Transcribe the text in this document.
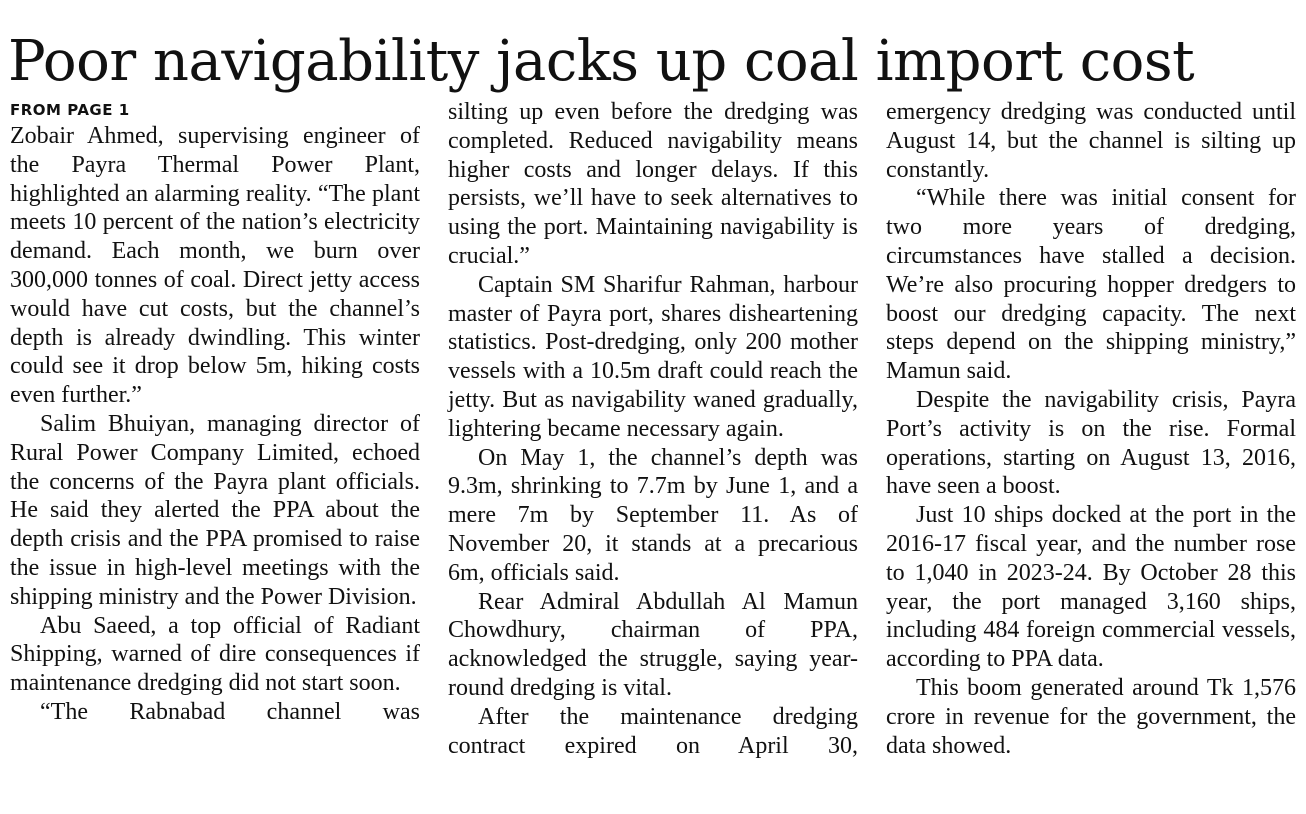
Poor navigability jacks up coal import cost
FROM PAGE 1

Zobair Ahmed, supervising engineer of the Payra Thermal Power Plant, highlighted an alarming reality. “The plant meets 10 percent of the nation’s electricity demand. Each month, we burn over 300,000 tonnes of coal. Direct jetty access would have cut costs, but the channel’s depth is already dwindling. This winter could see it drop below 5m, hiking costs even further.”

Salim Bhuiyan, managing director of Rural Power Company Limited, echoed the concerns of the Payra plant officials. He said they alerted the PPA about the depth crisis and the PPA promised to raise the issue in high-level meetings with the shipping ministry and the Power Division.

Abu Saeed, a top official of Radiant Shipping, warned of dire consequences if maintenance dredging did not start soon.

“The Rabnabad channel was

silting up even before the dredging was completed. Reduced navigability means higher costs and longer delays. If this persists, we’ll have to seek alternatives to using the port. Maintaining navigability is crucial.”

Captain SM Sharifur Rahman, harbour master of Payra port, shares disheartening statistics. Post-dredging, only 200 mother vessels with a 10.5m draft could reach the jetty. But as navigability waned gradually, lightering became necessary again.

On May 1, the channel’s depth was 9.3m, shrinking to 7.7m by June 1, and a mere 7m by September 11. As of November 20, it stands at a precarious 6m, officials said.

Rear Admiral Abdullah Al Mamun Chowdhury, chairman of PPA, acknowledged the struggle, saying year-round dredging is vital.

After the maintenance dredging contract expired on April 30,

emergency dredging was conducted until August 14, but the channel is silting up constantly.

“While there was initial consent for two more years of dredging, circumstances have stalled a decision. We’re also procuring hopper dredgers to boost our dredging capacity. The next steps depend on the shipping ministry,” Mamun said.

Despite the navigability crisis, Payra Port’s activity is on the rise. Formal operations, starting on August 13, 2016, have seen a boost.

Just 10 ships docked at the port in the 2016-17 fiscal year, and the number rose to 1,040 in 2023-24. By October 28 this year, the port managed 3,160 ships, including 484 foreign commercial vessels, according to PPA data.

This boom generated around Tk 1,576 crore in revenue for the government, the data showed.
